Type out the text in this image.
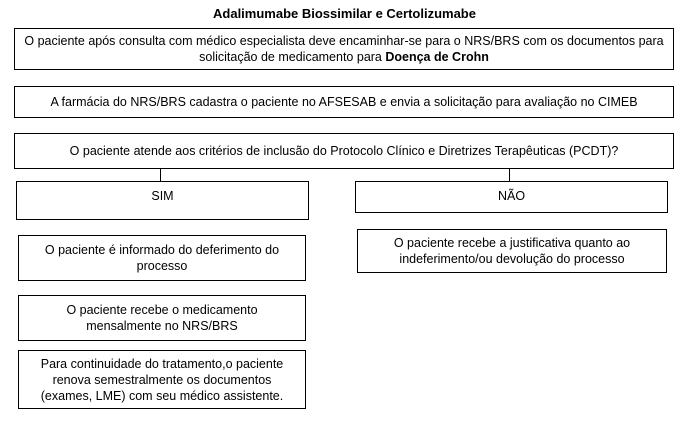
Adalimumabe Biossimilar e Certolizumabe
O paciente após consulta com médico especialista deve encaminhar-se para o NRS/BRS com os documentos para solicitação de medicamento para Doença de Crohn
A farmácia do NRS/BRS cadastra o paciente no AFSESAB e envia a solicitação para avaliação no CIMEB
O paciente atende aos critérios de inclusão do Protocolo Clínico e Diretrizes Terapêuticas (PCDT)?
SIM
O paciente é informado do deferimento do processo
O paciente recebe o medicamento mensalmente no NRS/BRS
Para continuidade do tratamento,o paciente renova semestralmente os documentos (exames, LME) com seu médico assistente.
NÃO
O paciente recebe a justificativa quanto ao indeferimento/ou devolução do processo
